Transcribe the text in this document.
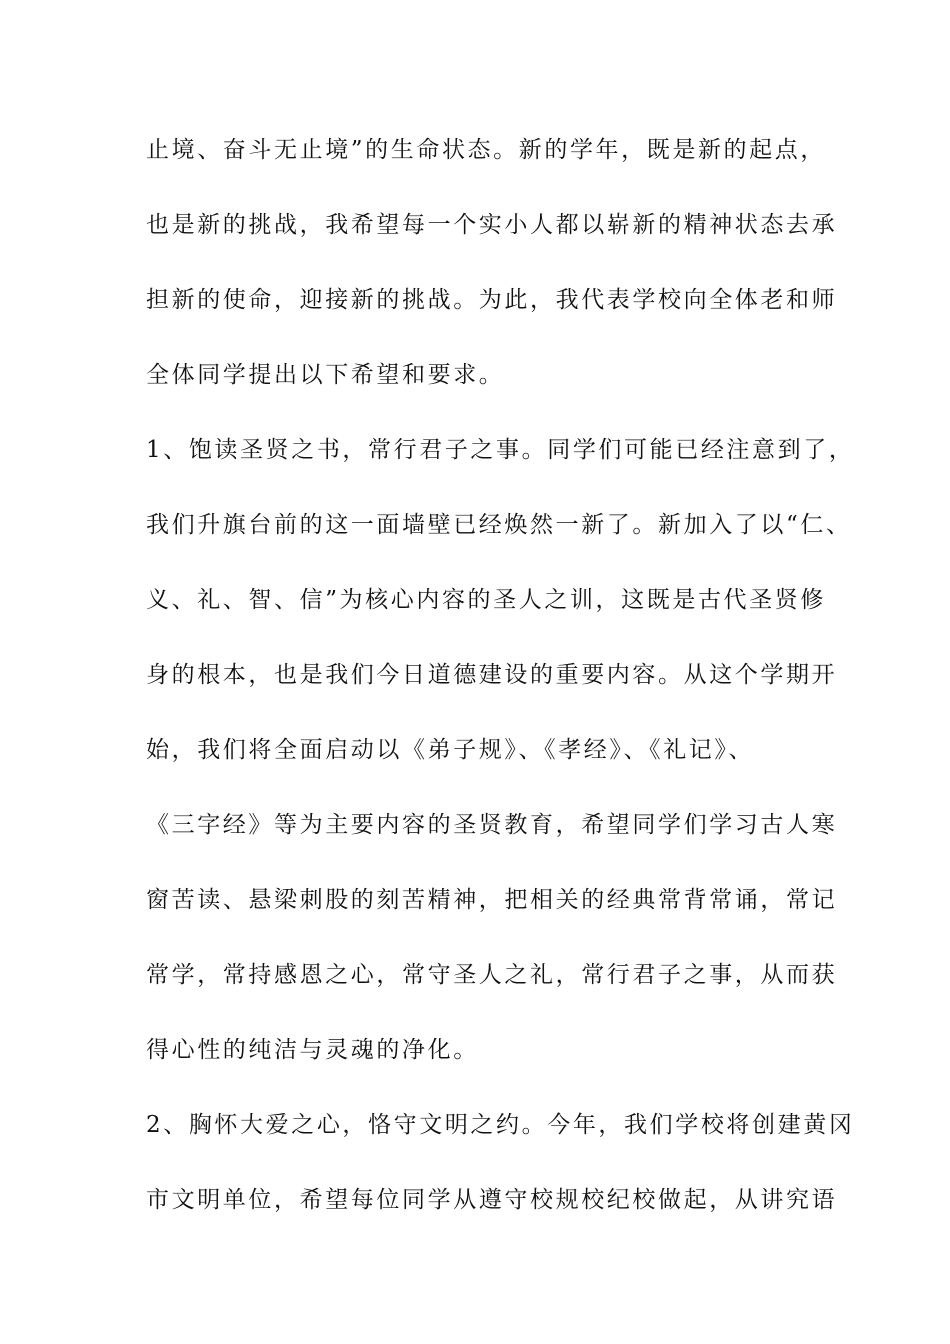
止境、奋斗无止境”的生命状态。新的学年，既是新的起点，
也是新的挑战，我希望每一个实小人都以崭新的精神状态去承
担新的使命，迎接新的挑战。为此，我代表学校向全体老和师
全体同学提出以下希望和要求。
1、饱读圣贤之书，常行君子之事。同学们可能已经注意到了，
我们升旗台前的这一面墙壁已经焕然一新了。新加入了以“仁、
义、礼、智、信”为核心内容的圣人之训，这既是古代圣贤修
身的根本，也是我们今日道德建设的重要内容。从这个学期开
始，我们将全面启动以《弟子规》、《孝经》、《礼记》、
《三字经》等为主要内容的圣贤教育，希望同学们学习古人寒
窗苦读、悬梁刺股的刻苦精神，把相关的经典常背常诵，常记
常学，常持感恩之心，常守圣人之礼，常行君子之事，从而获
得心性的纯洁与灵魂的净化。
2、胸怀大爱之心，恪守文明之约。今年，我们学校将创建黄冈
市文明单位，希望每位同学从遵守校规校纪校做起，从讲究语
